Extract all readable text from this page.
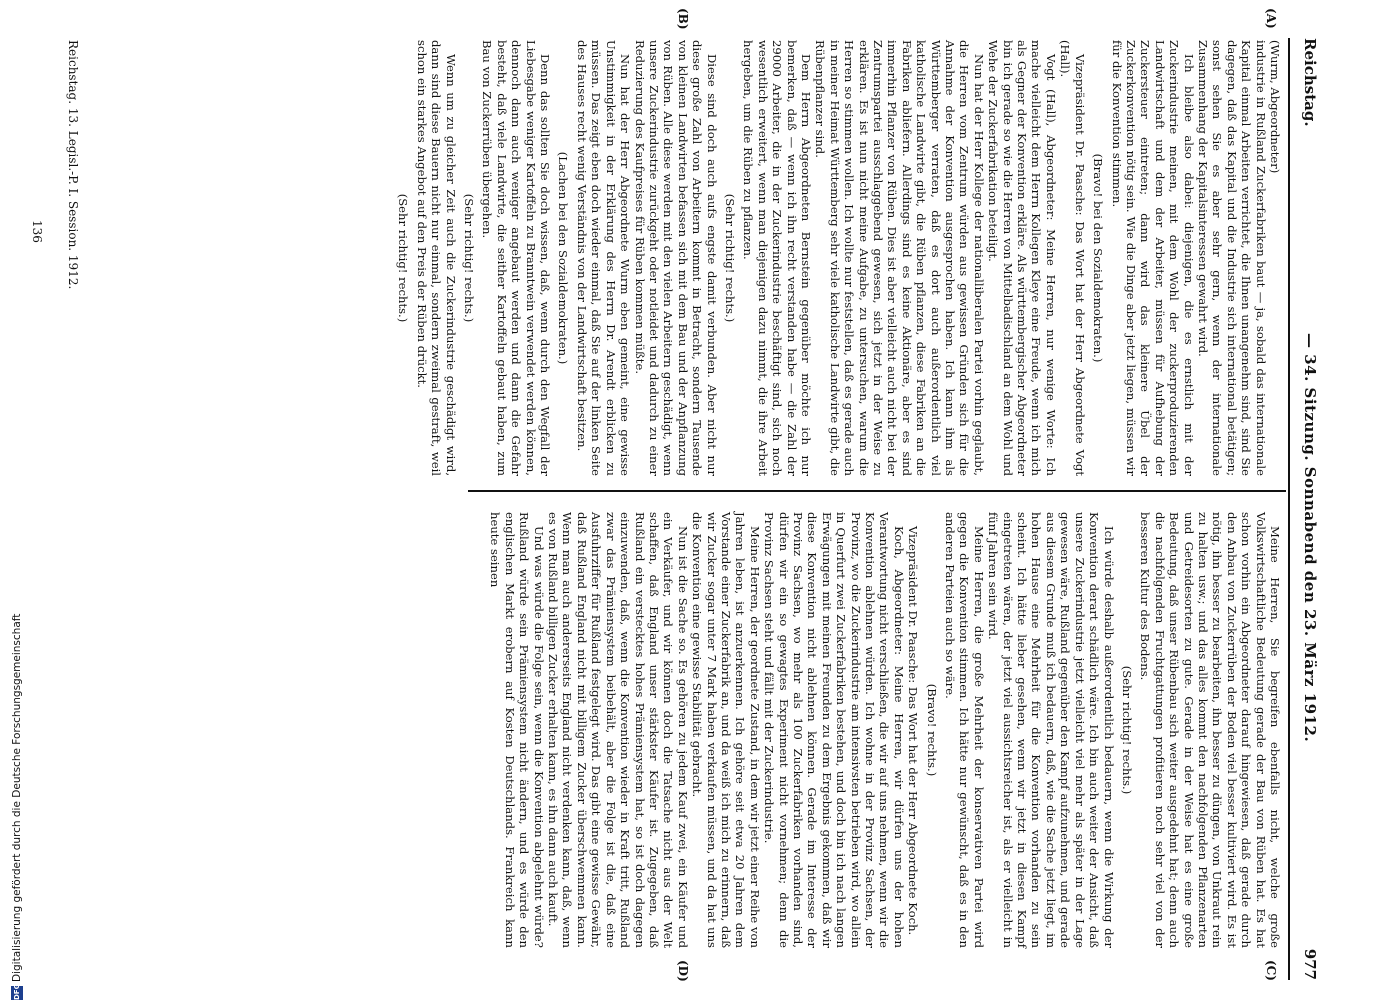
Reichstag.
— 34. Sitzung. Sonnabend den 23. März 1912.
977
(A)
(B)
(C)
(D)

(Wurm, Abgeordneter)

industrie in Rußland Zuckerfabriken baut — ja, sobald das internationale Kapital einmal Arbeiten verrichtet, die Ihnen unangenehm sind, sind Sie dagegen, daß das Kapital und die Industrie sich international betätigen; sonst sehen Sie es aber sehr gern, wenn der internationale Zusammenhang der Kapitalsinteressen gewahrt wird.

Ich bleibe also dabei: diejenigen, die es ernstlich mit der Zuckerindustrie meinen, mit dem Wohl der zuckerproduzierenden Landwirtschaft und dem der Arbeiter, müssen für Aufhebung der Zuckersteuer eintreten; dann wird das kleinere Übel der Zuckerkonvention nötig sein. Wie die Dinge aber jetzt liegen, müssen wir für die Konvention stimmen.

(Bravo! bei den Sozialdemokraten.)

Vizepräsident Dr. Paasche: Das Wort hat der Herr Abgeordnete Vogt (Hall).

Vogt (Hall), Abgeordneter: Meine Herren, nur wenige Worte: Ich mache vielleicht dem Herrn Kollegen Kleye eine Freude, wenn ich mich als Gegner der Konvention erkläre. Als württembergischer Abgeordneter bin ich gerade so wie die Herren von Mittelbadischland an dem Wohl und Wehe der Zuckerfabrikation beteiligt.

Nun hat der Herr Kollege der nationalliberalen Partei vorhin geglaubt, die Herren vom Zentrum würden aus gewissen Gründen sich für die Annahme der Konvention ausgesprochen haben. Ich kann ihm als Württemberger verraten, daß es dort auch außerordentlich viel katholische Landwirte gibt, die Rüben pflanzen, diese Fabriken an die Fabriken abliefern. Allerdings sind es keine Aktionäre, aber es sind immerhin Pflanzer von Rüben. Dies ist aber vielleicht auch nicht bei der Zentrumspartei ausschlaggebend gewesen, sich jetzt in der Weise zu erklären. Es ist nun nicht meine Aufgabe, zu untersuchen, warum die Herren so stimmen wollen. Ich wollte nur feststellen, daß es gerade auch in meiner Heimat Württemberg sehr viele katholische Landwirte gibt, die Rübenpflanzer sind.

Dem Herrn Abgeordneten Bernstein gegenüber möchte ich nur bemerken, daß — wenn ich ihn recht verstanden habe — die Zahl der 29000 Arbeiter, die in der Zuckerindustrie beschäftigt sind, sich noch wesentlich erweitert, wenn man diejenigen dazu nimmt, die ihre Arbeit hergeben, um die Rüben zu pflanzen.

(Sehr richtig! rechts.)

Diese sind doch auch aufs engste damit verbunden. Aber nicht nur diese große Zahl von Arbeitern kommt in Betracht, sondern Tausende von kleinen Landwirten befassen sich mit dem Bau und der Anpflanzung von Rüben. Alle diese werden mit den vielen Arbeitern geschädigt, wenn unsere Zuckerindustrie zurückgeht oder notleidet und dadurch zu einer Reduzierung des Kaufpreises für Rüben kommen müßte.

Nun hat der Herr Abgeordnete Wurm eben gemeint, eine gewisse Unstimmigkeit in der Erklärung des Herrn Dr. Arendt erblicken zu müssen. Das zeigt eben doch wieder einmal, daß Sie auf der linken Seite des Hauses recht wenig Verständnis von der Landwirtschaft besitzen.

(Lachen bei den Sozialdemokraten.)

Denn das sollten Sie doch wissen, daß, wenn durch den Wegfall der Liebesgabe weniger Kartoffeln zu Branntwein verwendet werden können, dennoch dann auch weniger angebaut werden und dann die Gefahr besteht, daß viele Landwirte, die seither Kartoffeln gebaut haben, zum Bau von Zuckerrüben übergehen.

(Sehr richtig! rechts.)

Wenn um zu gleicher Zeit auch die Zuckerindustrie geschädigt wird, dann sind diese Bauern nicht nur einmal, sondern zweimal gestraft, weil schon ein starkes Angebot auf den Preis der Rüben drückt.

(Sehr richtig! rechts.)

Meine Herren, Sie begreifen ebenfalls nicht, welche große Volkswirtschaftliche Bedeutung gerade der Bau von Rüben hat. Es hat schon vorhin ein Abgeordneter darauf hingewiesen, daß gerade durch den Anbau von Zuckerrüben der Boden viel besser kultiviert wird. Es ist nötig, ihn besser zu bearbeiten, ihn besser zu düngen, von Unkraut rein zu halten usw.; und das alles kommt den nachfolgenden Pflanzenarten und Getreidesorten zu gute. Gerade in der Weise hat es eine große Bedeutung, daß unser Rübenbau sich weiter ausgedehnt hat; denn auch die nachfolgenden Fruchtgattungen profitieren noch sehr viel von der besseren Kultur des Bodens.

(Sehr richtig! rechts.)

Ich würde deshalb außerordentlich bedauern, wenn die Wirkung der Konvention derart schädlich wäre. Ich bin auch weiter der Ansicht, daß unsere Zuckerindustrie jetzt vielleicht viel mehr als später in der Lage gewesen wäre, Rußland gegenüber den Kampf aufzunehmen, und gerade aus diesem Grunde muß ich bedauern, daß, wie die Sache jetzt liegt, im hohen Hause eine Mehrheit für die Konvention vorhanden zu sein scheint. Ich hätte lieber gesehen, wenn wir jetzt in diesen Kampf eingetreten wären, der jetzt viel aussichtsreicher ist, als er vielleicht in fünf Jahren sein wird.

Meine Herren, die große Mehrheit der konservativen Partei wird gegen die Konvention stimmen. Ich hätte nur gewünscht, daß es in den anderen Parteien auch so wäre.

(Bravo! rechts.)

Vizepräsident Dr. Paasche: Das Wort hat der Herr Abgeordnete Koch.

Koch, Abgeordneter: Meine Herren, wir dürfen uns der hohen Verantwortung nicht verschließen, die wir auf uns nehmen, wenn wir die Konvention ablehnen würden. Ich wohne in der Provinz Sachsen, der Provinz, wo die Zuckerindustrie am intensivsten betrieben wird, wo allein in Querfurt zwei Zuckerfabriken bestehen, und doch bin ich nach langen Erwägungen mit meinen Freunden zu dem Ergebnis gekommen, daß wir diese Konvention nicht ablehnen können. Gerade im Interesse der Provinz Sachsen, wo mehr als 100 Zuckerfabriken vorhanden sind, dürfen wir ein so gewagtes Experiment nicht vornehmen; denn die Provinz Sachsen steht und fällt mit der Zuckerindustrie.

Meine Herren, der geordnete Zustand, in dem wir jetzt einer Reihe von Jahren leben, ist anzuerkennen. Ich gehöre seit etwa 20 Jahren dem Vorstande einer Zuckerfabrik an, und da weiß ich mich zu erinnern, daß wir Zucker sogar unter 7 Mark haben verkaufen müssen, und da hat uns die Konvention eine gewisse Stabilität gebracht.

Nun ist die Sache so. Es gehören zu jedem Kauf zwei, ein Käufer und ein Verkäufer, und wir können doch die Tatsache nicht aus der Welt schaffen, daß England unser stärkster Käufer ist. Zugegeben, daß Rußland ein verstecktes hohes Prämiensystem hat, so ist doch dagegen einzuwenden, daß, wenn die Konvention wieder in Kraft tritt, Rußland zwar das Prämiensystem beibehält, aber die Folge ist die, daß eine Ausfuhrziffer für Rußland festgelegt wird. Das gibt eine gewisse Gewähr, daß Rußland England nicht mit billigem Zucker überschwemmen kann. Wenn man auch andererseits England nicht verdenken kann, daß, wenn es von Rußland billigen Zucker erhalten kann, es ihn dann auch kauft.

Und was würde die Folge sein, wenn die Konvention abgelehnt würde? Rußland würde sein Prämiensystem nicht ändern, und es würde den englischen Markt erobern auf Kosten Deutschlands. Frankreich kann heute seinen

Reichstag. 13. Legisl.-P. I. Session. 1912.
136
DFG
Digitalisierung gefördert durch die Deutsche Forschungsgemeinschaft
